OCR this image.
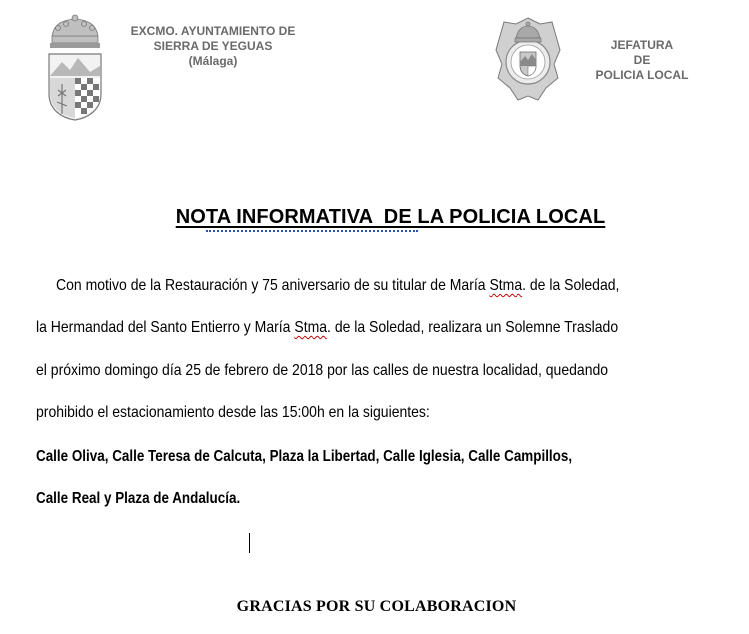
EXCMO. AYUNTAMIENTO DE
SIERRA DE YEGUAS
(Málaga)
JEFATURA
DE
POLICIA LOCAL
NOTA INFORMATIVA  DE LA POLICIA LOCAL
Con motivo de la Restauración y 75 aniversario de su titular de María Stma. de la Soledad,
la Hermandad del Santo Entierro y María Stma. de la Soledad, realizara un Solemne Traslado
el próximo domingo día 25 de febrero de 2018 por las calles de nuestra localidad, quedando
prohibido el estacionamiento desde las 15:00h en la siguientes:
Calle Oliva, Calle Teresa de Calcuta, Plaza la Libertad, Calle Iglesia, Calle Campillos,
Calle Real y Plaza de Andalucía.
GRACIAS POR SU COLABORACION
